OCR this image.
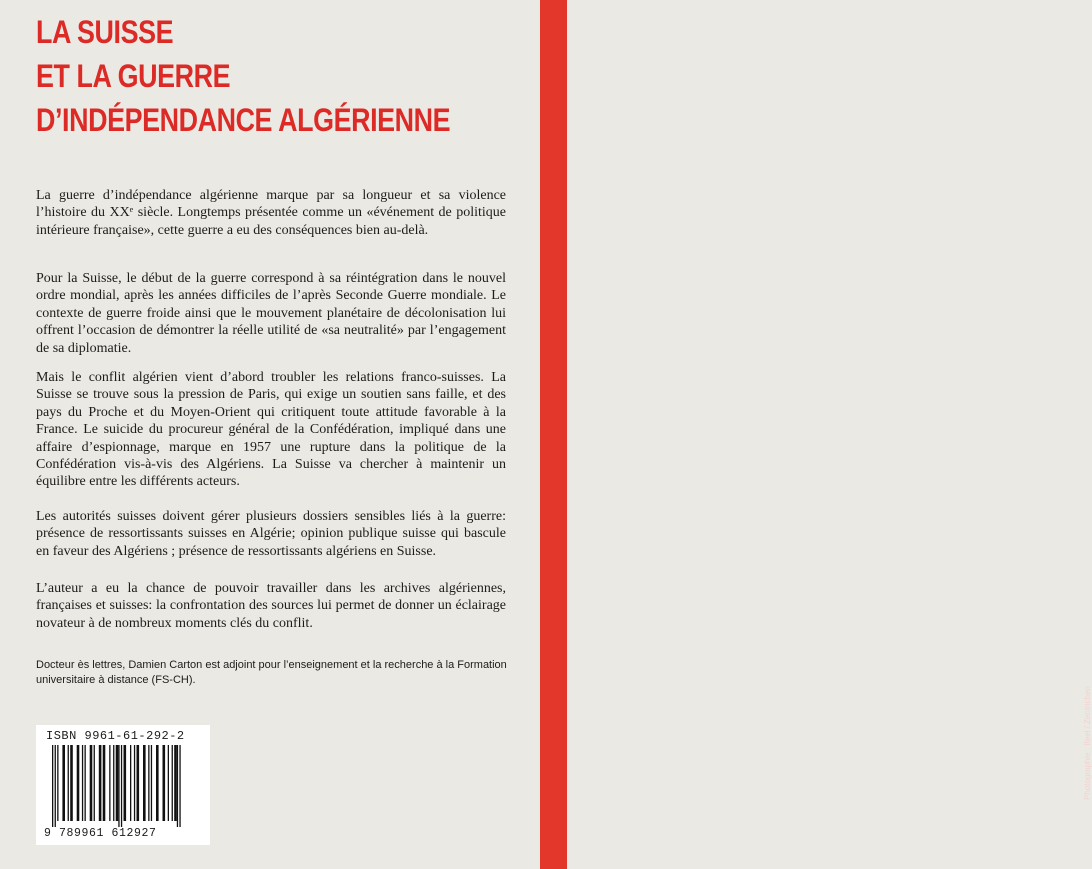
Photographie : Ifeel / Zentrichen
LA SUISSE
ET LA GUERRE
D’INDÉPENDANCE ALGÉRIENNE

La guerre d’indépendance algérienne marque par sa longueur et sa violence l’histoire du XXᵉ siècle. Longtemps présentée comme un «événement de politique intérieure française», cette guerre a eu des conséquences bien au-delà.

Pour la Suisse, le début de la guerre correspond à sa réintégration dans le nouvel ordre mondial, après les années difficiles de l’après Seconde Guerre mondiale. Le contexte de guerre froide ainsi que le mouvement planétaire de décolonisation lui offrent l’occasion de démontrer la réelle utilité de «sa neutralité» par l’engagement de sa diplomatie.

Mais le conflit algérien vient d’abord troubler les relations franco-suisses. La Suisse se trouve sous la pression de Paris, qui exige un soutien sans faille, et des pays du Proche et du Moyen-Orient qui critiquent toute attitude favorable à la France. Le suicide du procureur général de la Confédération, impliqué dans une affaire d’espionnage, marque en 1957 une rupture dans la politique de la Confédération vis-à-vis des Algériens. La Suisse va chercher à maintenir un équilibre entre les différents acteurs.

Les autorités suisses doivent gérer plusieurs dossiers sensibles liés à la guerre: présence de ressortissants suisses en Algérie; opinion publique suisse qui bascule en faveur des Algériens ; présence de ressortissants algériens en Suisse.

L’auteur a eu la chance de pouvoir travailler dans les archives algériennes, françaises et suisses: la confrontation des sources lui permet de donner un éclairage novateur à de nombreux moments clés du conflit.

Docteur ès lettres, Damien Carton est adjoint pour l’enseignement et la recherche à la Formation universitaire à distance (FS-CH).

ISBN 9961-61-292-2
9 789961 612927
